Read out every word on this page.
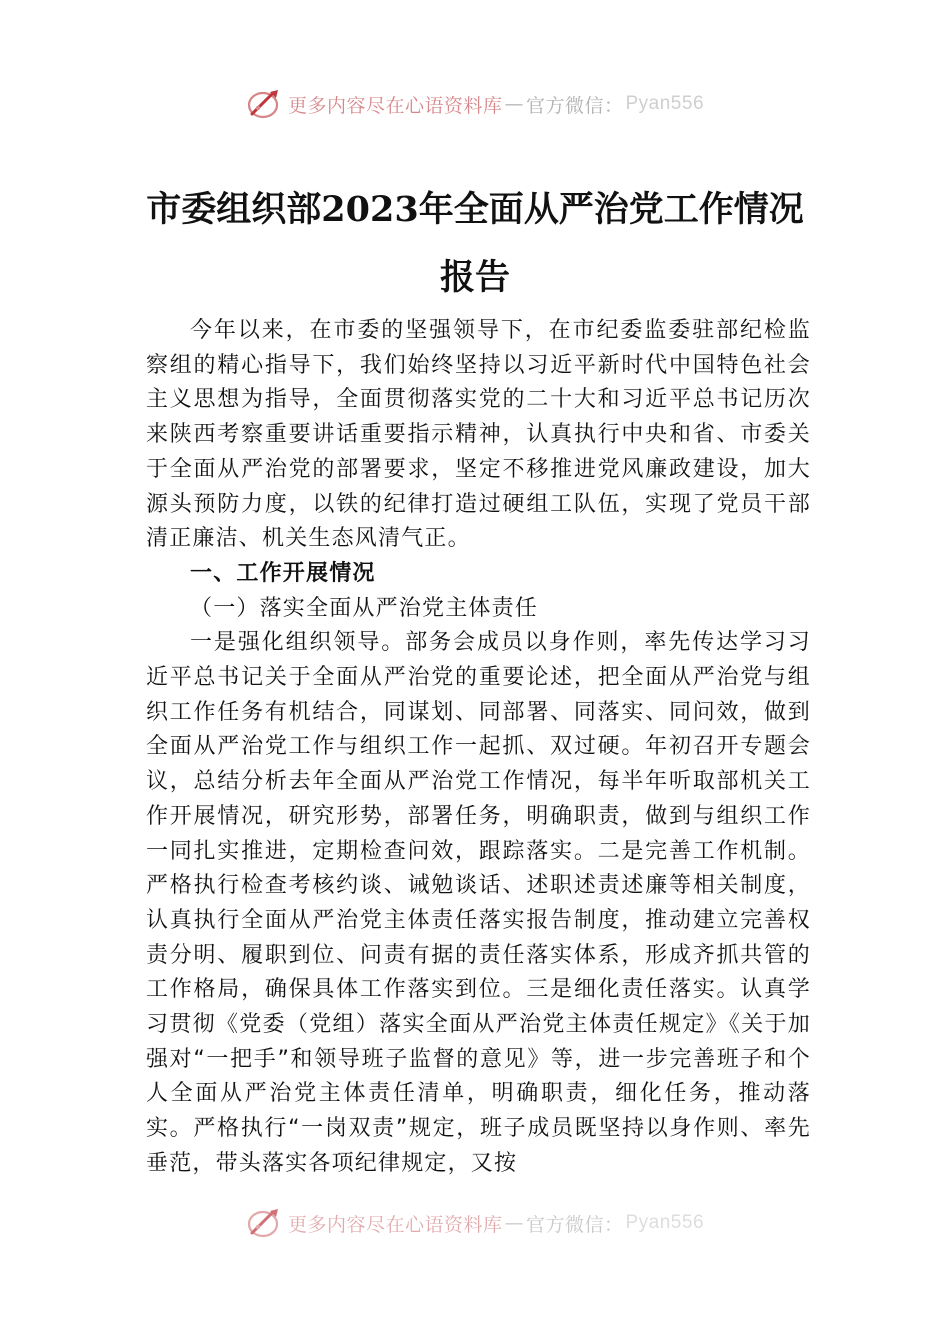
更多内容尽在心语资料库 — 官方微信： Pyan556
市委组织部2023年全面从严治党工作情况
报告

今年以来，在市委的坚强领导下，在市纪委监委驻部纪检监察组的精心指导下，我们始终坚持以习近平新时代中国特色社会主义思想为指导，全面贯彻落实党的二十大和习近平总书记历次来陕西考察重要讲话重要指示精神，认真执行中央和省、市委关于全面从严治党的部署要求，坚定不移推进党风廉政建设，加大源头预防力度，以铁的纪律打造过硬组工队伍，实现了党员干部清正廉洁、机关生态风清气正。

一、工作开展情况
（一）落实全面从严治党主体责任

一是强化组织领导。部务会成员以身作则，率先传达学习习近平总书记关于全面从严治党的重要论述，把全面从严治党与组织工作任务有机结合，同谋划、同部署、同落实、同问效，做到全面从严治党工作与组织工作一起抓、双过硬。年初召开专题会议，总结分析去年全面从严治党工作情况，每半年听取部机关工作开展情况，研究形势，部署任务，明确职责，做到与组织工作一同扎实推进，定期检查问效，跟踪落实。二是完善工作机制。严格执行检查考核约谈、诫勉谈话、述职述责述廉等相关制度，认真执行全面从严治党主体责任落实报告制度，推动建立完善权责分明、履职到位、问责有据的责任落实体系，形成齐抓共管的工作格局，确保具体工作落实到位。三是细化责任落实。认真学习贯彻《党委（党组）落实全面从严治党主体责任规定》《关于加强对“一把手”和领导班子监督的意见》等，进一步完善班子和个人全面从严治党主体责任清单，明确职责，细化任务，推动落实。严格执行“一岗双责”规定，班子成员既坚持以身作则、率先垂范，带头落实各项纪律规定，又按

更多内容尽在心语资料库 — 官方微信： Pyan556
